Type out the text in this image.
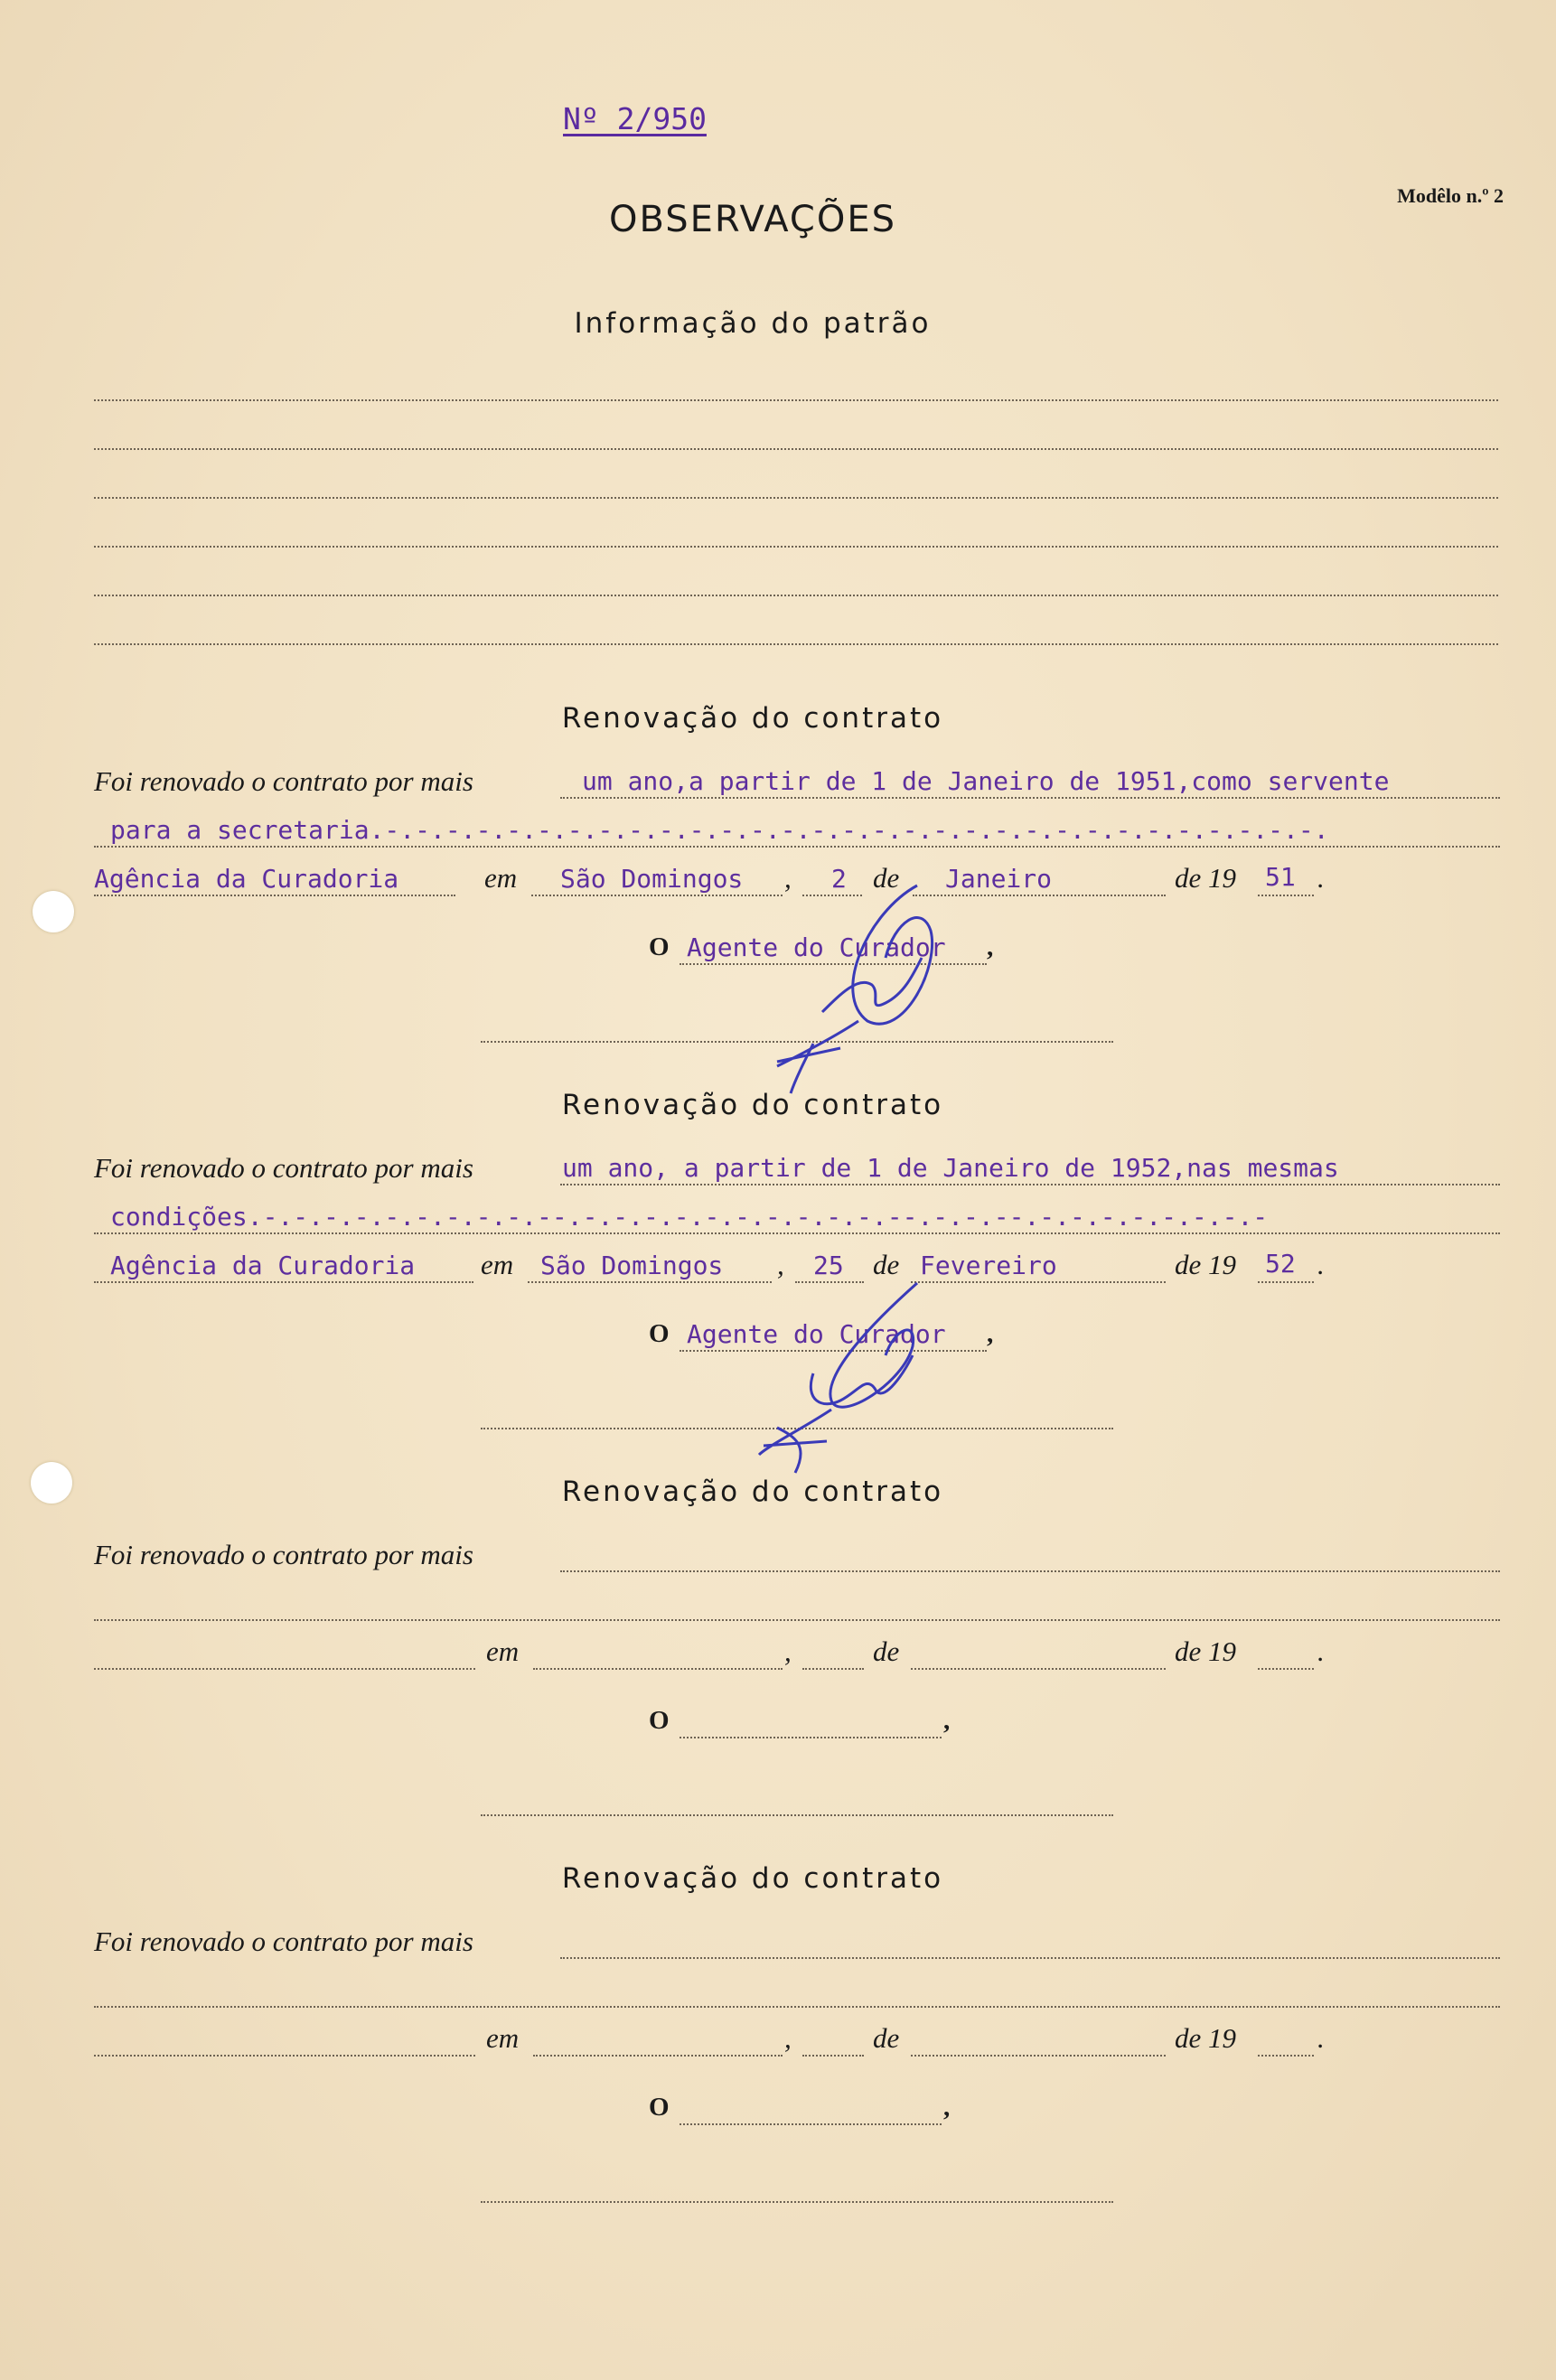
Nº 2/950
Modêlo n.º 2
OBSERVAÇÕES
Informação do patrão
Renovação do contrato
Foi renovado o contrato por mais	um ano,a partir de 1 de Janeiro de 1951,como servente
para a secretaria.-.-.-.-.-.-.-.-.-.-.-.-.-.-.-.-.-.-.-.-.-.-.-.-.-.-.-.-.-.-.-.
Agência da Curadoria	em São Domingos , 2 de Janeiro	de 19 51 .
O Agente do Curador ,
Renovação do contrato
Foi renovado o contrato por mais	um ano, a partir de 1 de Janeiro de 1952,nas mesmas
condições.-.-.-.-.-.-.-.-.-.--.-.-.-.-.-.-.-.-.-.-.--.-.-.--.-.-.-.-.-.-.-.-
Agência da Curadoria em São Domingos , 25 de Fevereiro	de 19 52 .
O Agente do Curador ,
Renovação do contrato
Foi renovado o contrato por mais
em	,	de	de 19	.
O	,
Renovação do contrato
Foi renovado o contrato por mais
em	,	de	de 19	.
O	,
